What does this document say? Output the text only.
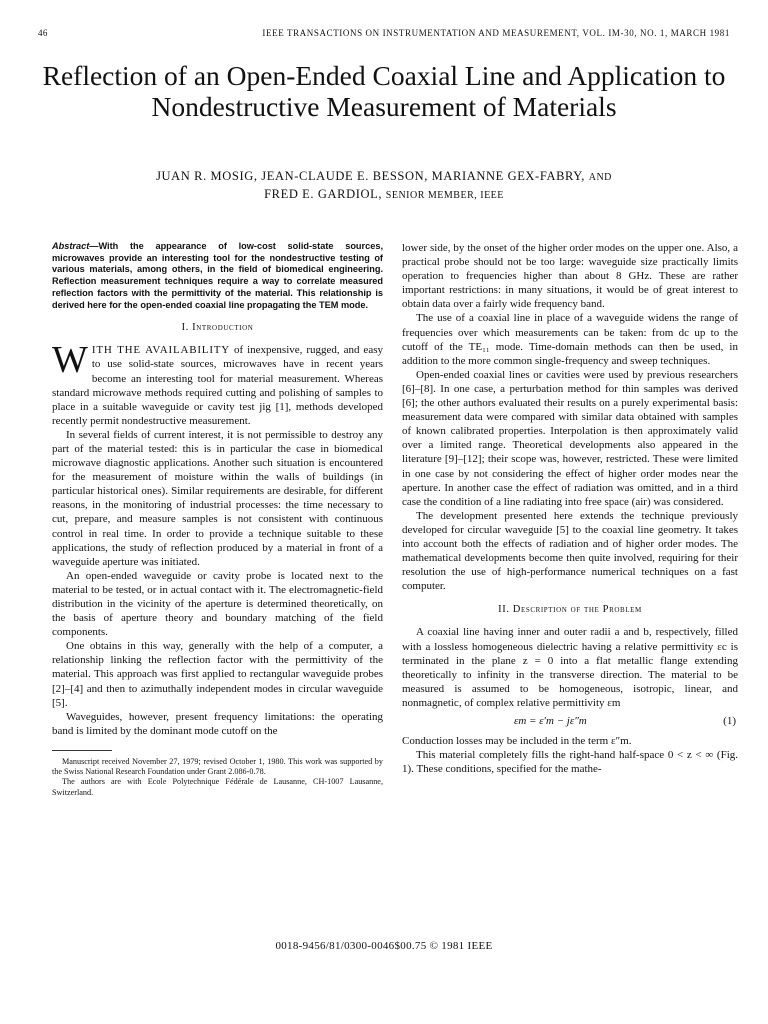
46	IEEE TRANSACTIONS ON INSTRUMENTATION AND MEASUREMENT, VOL. IM-30, NO. 1, MARCH 1981
Reflection of an Open-Ended Coaxial Line and Application to Nondestructive Measurement of Materials
JUAN R. MOSIG, JEAN-CLAUDE E. BESSON, MARIANNE GEX-FABRY, AND
FRED E. GARDIOL, SENIOR MEMBER, IEEE
Abstract—With the appearance of low-cost solid-state sources, microwaves provide an interesting tool for the nondestructive testing of various materials, among others, in the field of biomedical engineering. Reflection measurement techniques require a way to correlate measured reflection factors with the permittivity of the material. This relationship is derived here for the open-ended coaxial line propagating the TEM mode.
I. Introduction

WITH THE AVAILABILITY of inexpensive, rugged, and easy to use solid-state sources, microwaves have in recent years become an interesting tool for material measurement. Whereas standard microwave methods required cutting and polishing of samples to place in a suitable waveguide or cavity test jig [1], methods developed recently permit nondestructive measurement.

In several fields of current interest, it is not permissible to destroy any part of the material tested: this is in particular the case in biomedical microwave diagnostic applications. Another such situation is encountered for the measurement of moisture within the walls of buildings (in particular historical ones). Similar requirements are desirable, for different reasons, in the monitoring of industrial processes: the time necessary to cut, prepare, and measure samples is not consistent with continuous control in real time. In order to provide a technique suitable to these applications, the study of reflection produced by a material in front of a waveguide aperture was initiated.

An open-ended waveguide or cavity probe is located next to the material to be tested, or in actual contact with it. The electromagnetic-field distribution in the vicinity of the aperture is determined theoretically, on the basis of aperture theory and boundary matching of the field components.

One obtains in this way, generally with the help of a computer, a relationship linking the reflection factor with the permittivity of the material. This approach was first applied to rectangular waveguide probes [2]–[4] and then to azimuthally independent modes in circular waveguide [5].

Waveguides, however, present frequency limitations: the operating band is limited by the dominant mode cutoff on the

Manuscript received November 27, 1979; revised October 1, 1980. This work was supported by the Swiss National Research Foundation under Grant 2.086-0.78.

The authors are with Ecole Polytechnique Fédérale de Lausanne, CH-1007 Lausanne, Switzerland.

lower side, by the onset of the higher order modes on the upper one. Also, a practical probe should not be too large: waveguide size practically limits operation to frequencies higher than about 8 GHz. These are rather important restrictions: in many situations, it would be of great interest to obtain data over a fairly wide frequency band.

The use of a coaxial line in place of a waveguide widens the range of frequencies over which measurements can be taken: from dc up to the cutoff of the TE₁₁ mode. Time-domain methods can then be used, in addition to the more common single-frequency and sweep techniques.

Open-ended coaxial lines or cavities were used by previous researchers [6]–[8]. In one case, a perturbation method for thin samples was derived [6]; the other authors evaluated their results on a purely experimental basis: measurement data were compared with similar data obtained with samples of known calibrated properties. Interpolation is then approximately valid over a limited range. Theoretical developments also appeared in the literature [9]–[12]; their scope was, however, restricted. These were limited in one case by not considering the effect of higher order modes near the aperture. In another case the effect of radiation was omitted, and in a third case the condition of a line radiating into free space (air) was considered.

The development presented here extends the technique previously developed for circular waveguide [5] to the coaxial line geometry. It takes into account both the effects of radiation and of higher order modes. The mathematical developments become then quite involved, requiring for their resolution the use of high-performance numerical techniques on a fast computer.

II. Description of the Problem

A coaxial line having inner and outer radii a and b, respectively, filled with a lossless homogeneous dielectric having a relative permittivity εc is terminated in the plane z = 0 into a flat metallic flange extending theoretically to infinity in the transverse direction. The material to be measured is assumed to be homogeneous, isotropic, linear, and nonmagnetic, of complex relative permittivity εm

εm = ε′m − jε″m	(1)

Conduction losses may be included in the term ε″m.

This material completely fills the right-hand half-space 0 < z < ∞ (Fig. 1). These conditions, specified for the mathe-

0018-9456/81/0300-0046$00.75 © 1981 IEEE
